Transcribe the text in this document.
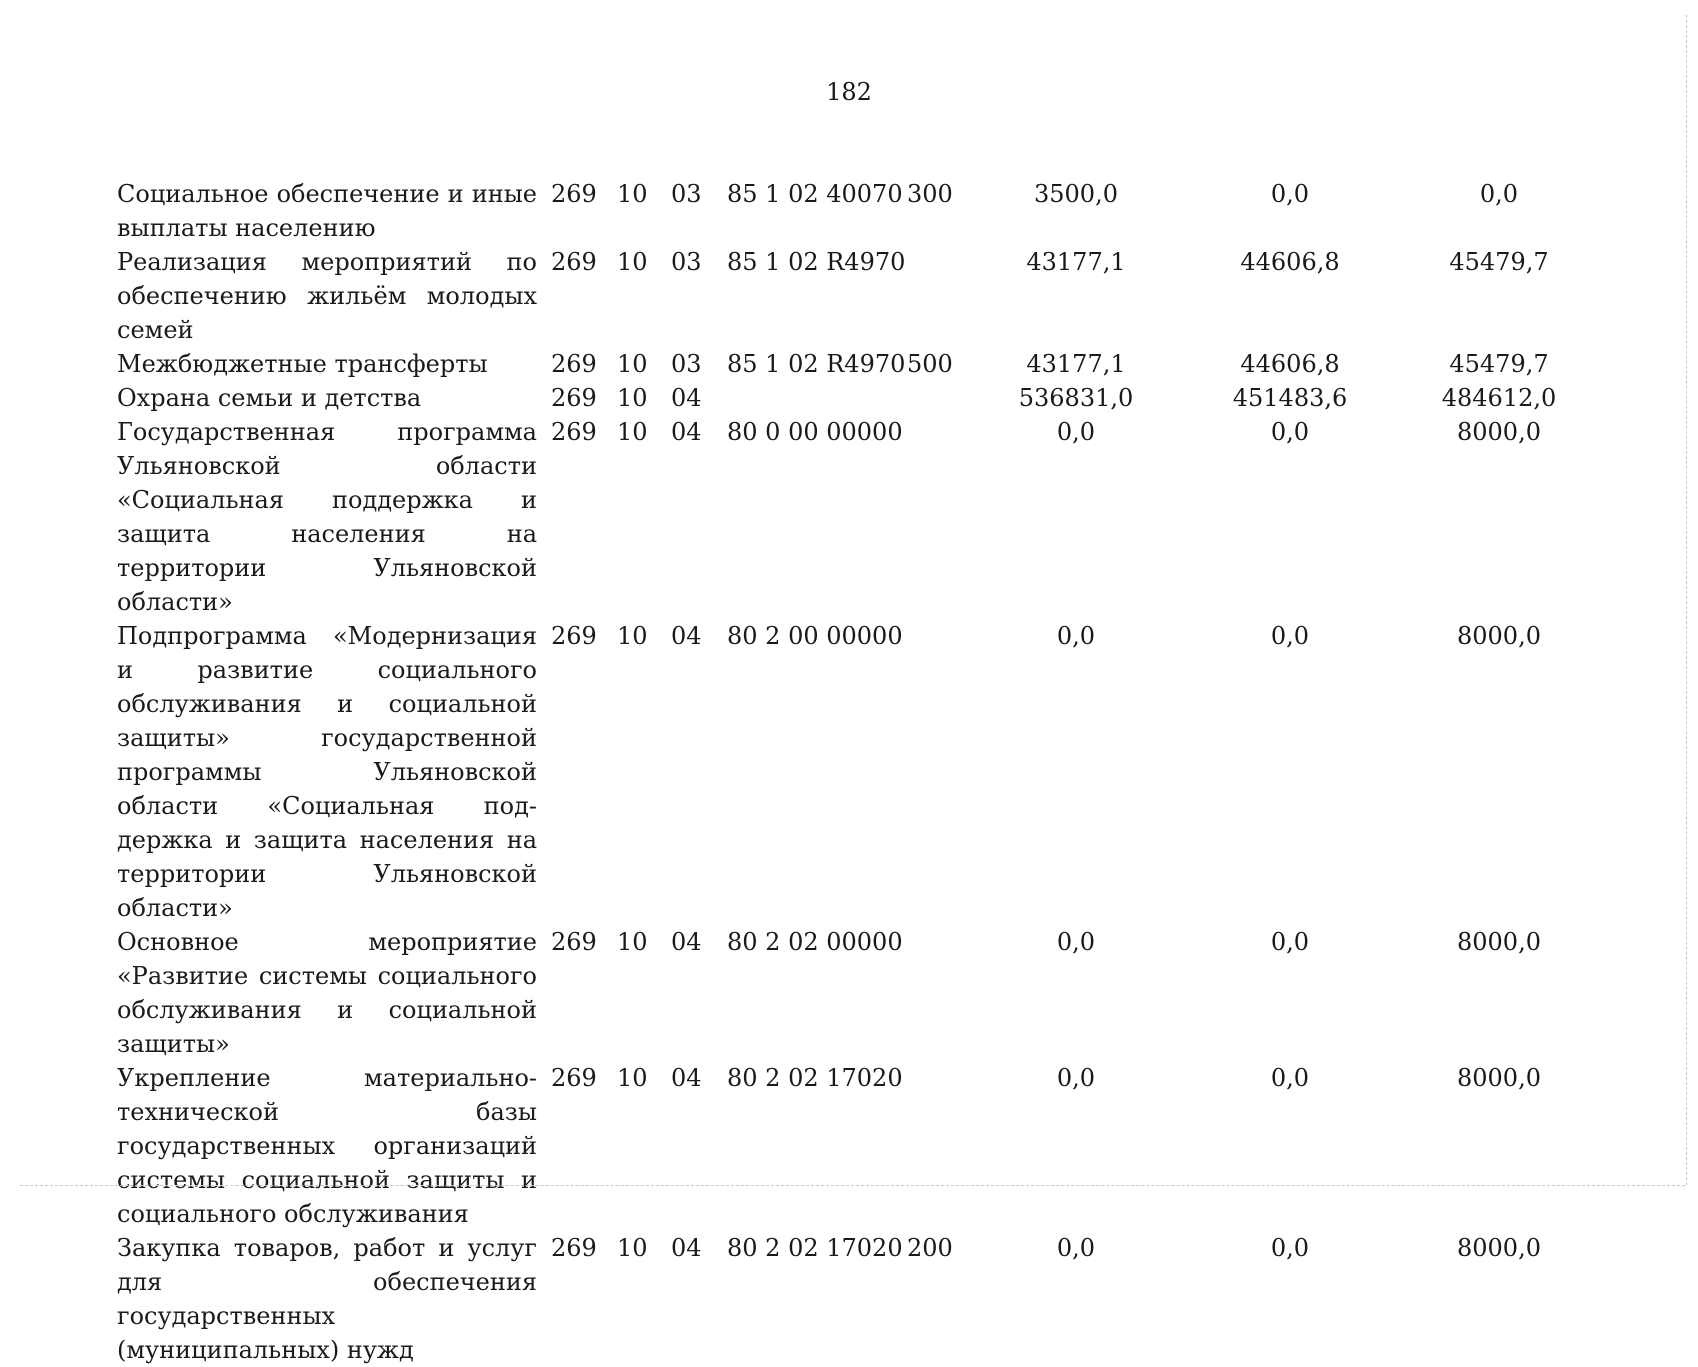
182
Социальное обеспечение и иные выплаты населению	269	10	03	85 1 02 40070	300	3500,0	0,0	0,0
Реализация мероприятий по обеспечению жильём молодых семей	269	10	03	85 1 02 R4970		43177,1	44606,8	45479,7
Межбюджетные трансферты	269	10	03	85 1 02 R4970	500	43177,1	44606,8	45479,7
Охрана семьи и детства	269	10	04			536831,0	451483,6	484612,0
Государственная программа Ульяновской области «Социальная поддержка и защита населения на территории Ульяновской области»	269	10	04	80 0 00 00000		0,0	0,0	8000,0
Подпрограмма «Модернизация и развитие социального обслуживания и социальной защиты» государственной программы Ульяновской области «Социальная поддержка и защита населения на территории Ульяновской области»	269	10	04	80 2 00 00000		0,0	0,0	8000,0
Основное мероприятие «Развитие системы социального обслуживания и социальной защиты»	269	10	04	80 2 02 00000		0,0	0,0	8000,0
Укрепление материально-технической базы государственных организаций системы социальной защиты и социального обслуживания	269	10	04	80 2 02 17020		0,0	0,0	8000,0
Закупка товаров, работ и услуг для обеспечения государственных (муниципальных) нужд	269	10	04	80 2 02 17020	200	0,0	0,0	8000,0
